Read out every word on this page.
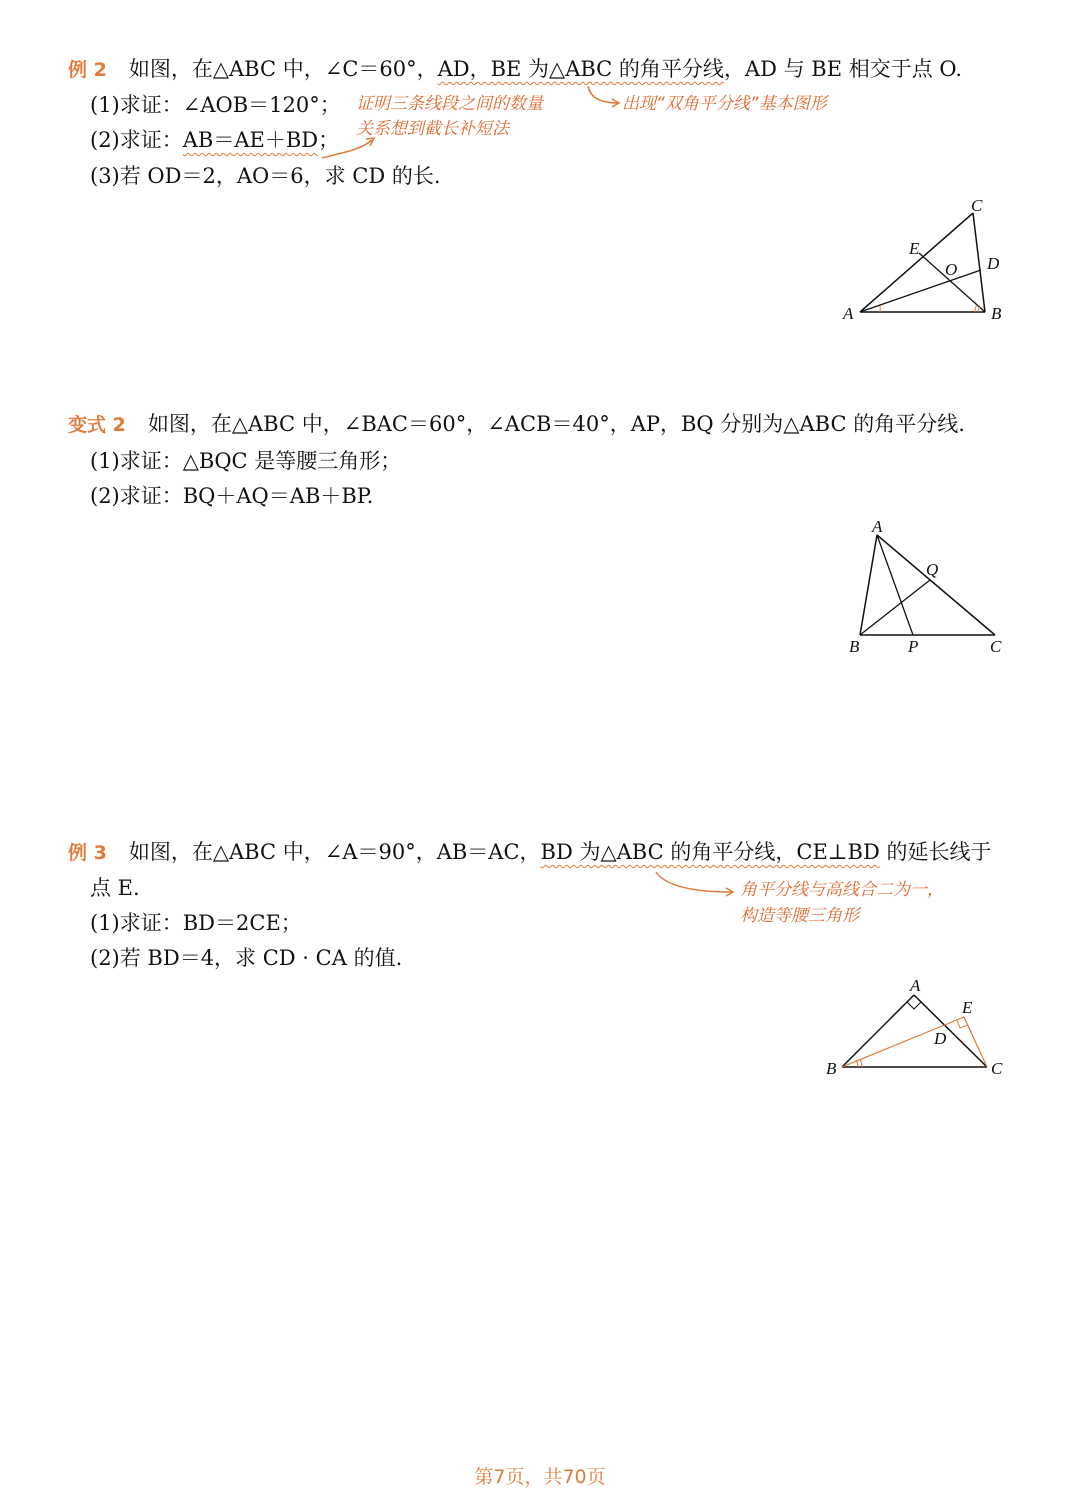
例 2 如图，在△ABC 中，∠C＝60°，AD，BE 为△ABC 的角平分线，AD 与 BE 相交于点 O.
(1)求证：∠AOB＝120°；
(2)求证：AB＝AE＋BD；
(3)若 OD＝2，AO＝6，求 CD 的长.
证明三条线段之间的数量
关系想到截长补短法
出现“双角平分线”基本图形
A	B
C
D
E
O
变式 2 如图，在△ABC 中，∠BAC＝60°，∠ACB＝40°，AP，BQ 分别为△ABC 的角平分线.
(1)求证：△BQC 是等腰三角形；
(2)求证：BQ＋AQ＝AB＋BP.
A
B	C
P
Q
例 3 如图，在△ABC 中，∠A＝90°，AB＝AC，BD 为△ABC 的角平分线，CE⊥BD 的延长线于
点 E.
(1)求证：BD＝2CE；
(2)若 BD＝4，求 CD · CA 的值.
角平分线与高线合二为一，
构造等腰三角形
A
B	C
D
E
第7页，共70页
